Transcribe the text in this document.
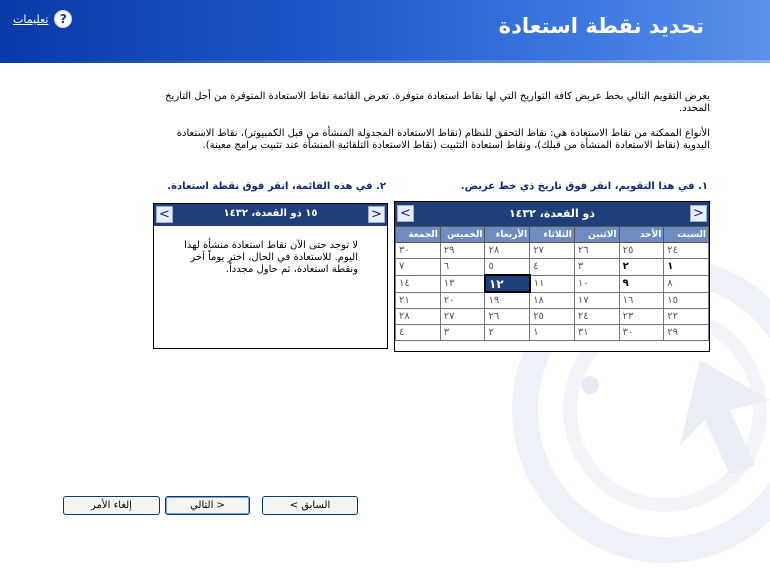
تعليمات ?	تحديد نقطة استعادة
يعرض التقويم التالي بخط عريض كافة التواريخ التي لها نقاط استعادة متوفرة. تعرض القائمة نقاط الاستعادة المتوفرة من أجل التاريخ المحدد.
الأنواع الممكنة من نقاط الاستعادة هي: نقاط التحقق للنظام (نقاط الاستعادة المجدولة المنشأة من قبل الكمبيوتر)، نقاط الاستعادة اليدوية (نقاط الاستعادة المنشأة من قبلك)، ونقاط استعادة التثبيت (نقاط الاستعادة التلقائية المنشأة عند تثبيت برامج معينة).
١. في هذا التقويم، انقر فوق تاريخ ذي خط عريض.
٢. في هذه القائمة، انقر فوق نقطة استعادة.
<	ذو القعدة، ١٤٣٢	>
السبت	الأحد	الاثنين	الثلاثاء	الأربعاء	الخميس	الجمعة
٢٤	٢٥	٢٦	٢٧	٢٨	٢٩	٣٠
١	٢	٣	٤	٥	٦	٧
٨	٩	١٠	١١	١٢	١٣	١٤
١٥	١٦	١٧	١٨	١٩	٢٠	٢١
٢٢	٢٣	٢٤	٢٥	٢٦	٢٧	٢٨
٢٩	٣٠	٣١	١	٢	٣	٤
<	١٥ ذو القعدة، ١٤٣٢	>
لا توجد حتى الآن نقاط استعادة منشأة لهذا اليوم. للاستعادة في الحال، اختر يوماً آخر ونقطة استعادة، ثم حاول مجدداً.
إلغاء الأمر	التالي >	< السابق
